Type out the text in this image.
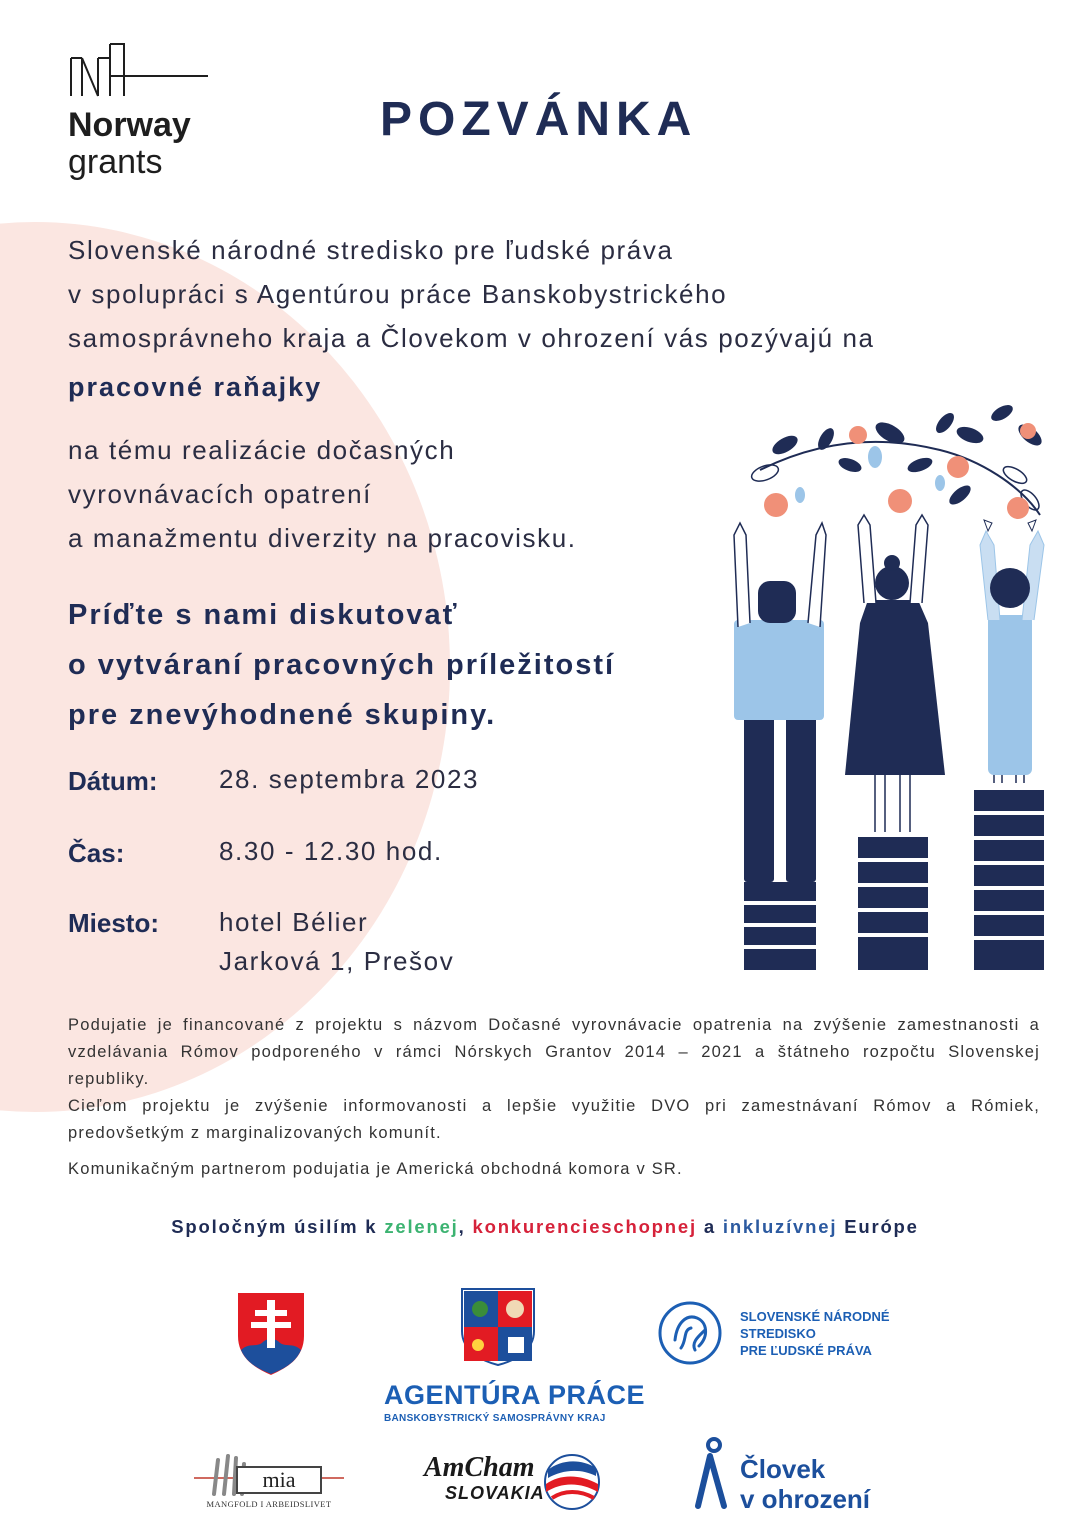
Norway
grants
POZVÁNKA
Slovenské národné stredisko pre ľudské práva
v spolupráci s Agentúrou práce Banskobystrického
samosprávneho kraja a Človekom v ohrození vás pozývajú na
pracovné raňajky
na tému realizácie dočasných
vyrovnávacích opatrení
a manažmentu diverzity na pracovisku.
Príďte s nami diskutovať
o vytváraní pracovných príležitostí
pre znevýhodnené skupiny.
Dátum: 28. septembra 2023
Čas:	8.30 - 12.30 hod.
Miesto: hotel Bélier
Jarková 1, Prešov

Podujatie je financované z projektu s názvom Dočasné vyrovnávacie opatrenia na zvýšenie zamestnanosti a vzdelávania Rómov podporeného v rámci Nórskych Grantov 2014 – 2021 a štátneho rozpočtu Slovenskej republiky.

Cieľom projektu je zvýšenie informovanosti a lepšie využitie DVO pri zamestnávaní Rómov a Rómiek, predovšetkým z marginalizovaných komunít.

Komunikačným partnerom podujatia je Americká obchodná komora v SR.
Spoločným úsilím k zelenej, konkurencieschopnej a inkluzívnej Európe
SLOVENSKÉ NÁRODNÉ
STREDISKO
PRE ĽUDSKÉ PRÁVA
AGENTÚRA PRÁCE
BANSKOBYSTRICKÝ SAMOSPRÁVNY KRAJ
mia
MANGFOLD I ARBEIDSLIVET
AmCham
SLOVAKIA
Človek
v ohrození
